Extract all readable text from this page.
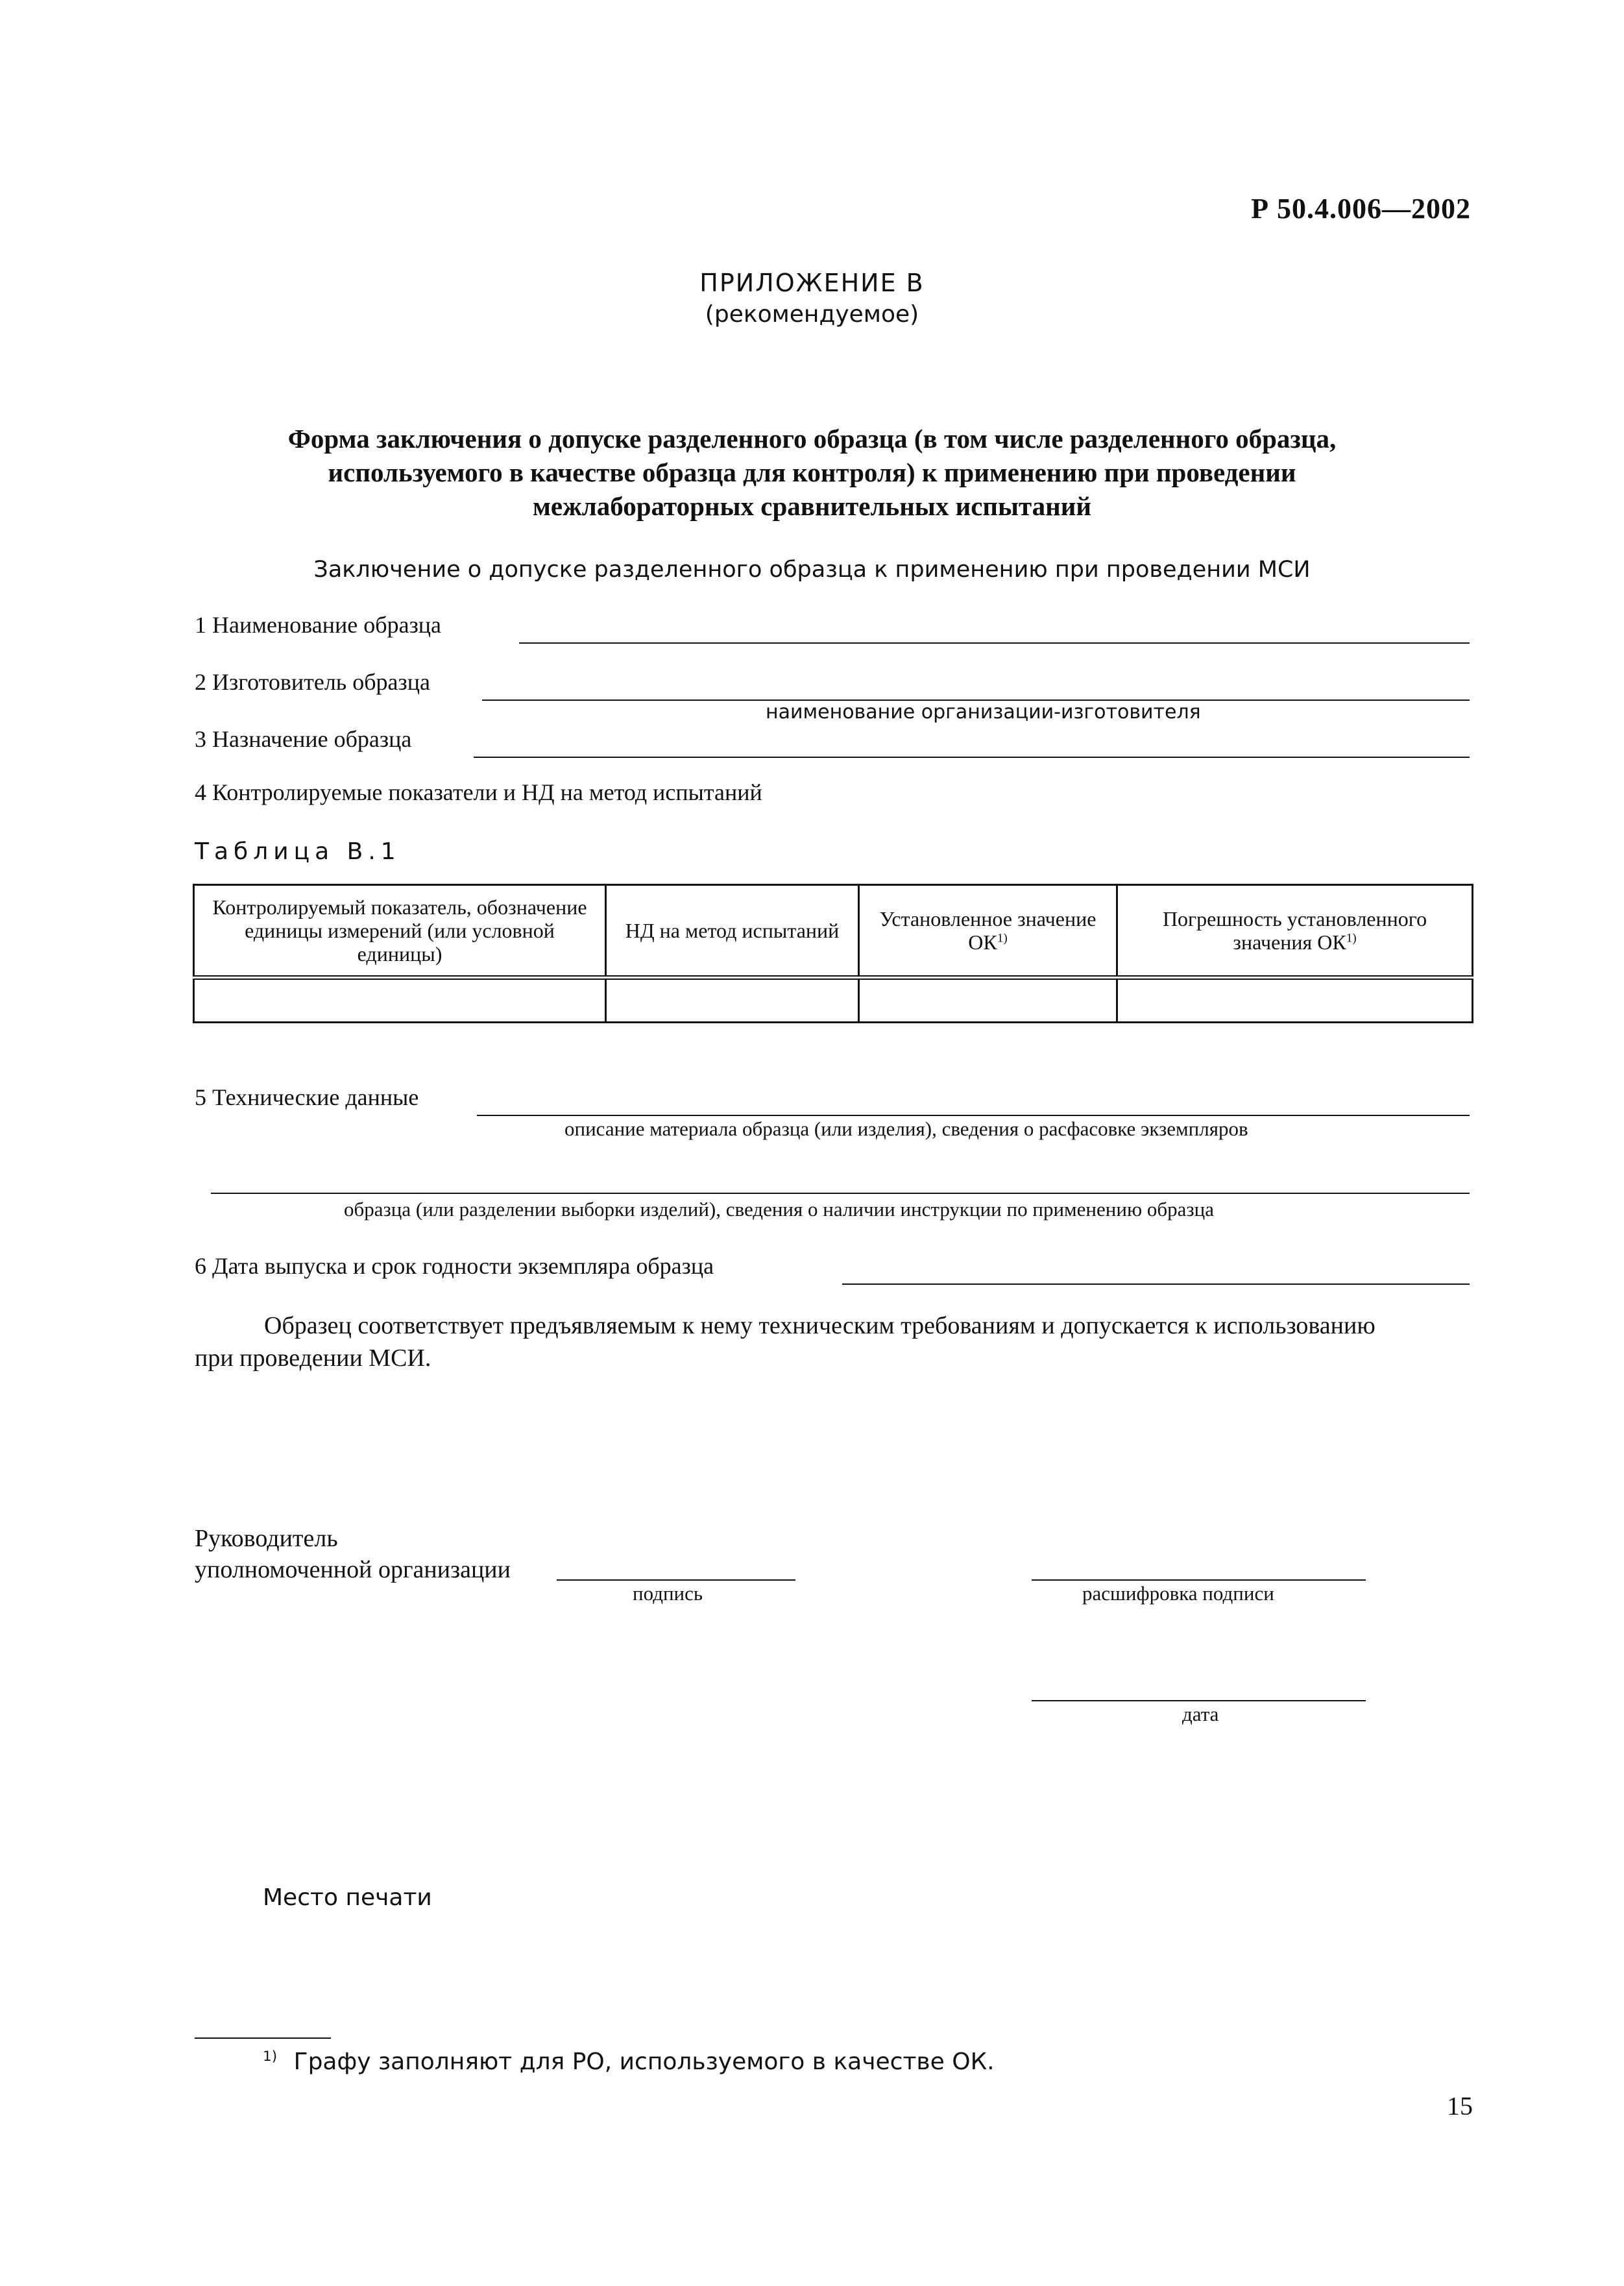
Р 50.4.006—2002
ПРИЛОЖЕНИЕ В
(рекомендуемое)
Форма заключения о допуске разделенного образца (в том числе разделенного образца,
используемого в качестве образца для контроля) к применению при проведении
межлабораторных сравнительных испытаний
Заключение о допуске разделенного образца к применению при проведении МСИ
1 Наименование образца
2 Изготовитель образца
наименование организации-изготовителя
3 Назначение образца
4 Контролируемые показатели и НД на метод испытаний
Таблица В.1
Контролируемый показатель, обозначение единицы измерений (или условной единицы)	НД на метод испытаний	Установленное значение ОК$^{1)}$	Погрешность установленного значения ОК$^{1)}$

5 Технические данные
описание материала образца (или изделия), сведения о расфасовке экземпляров
образца (или разделении выборки изделий), сведения о наличии инструкции по применению образца
6 Дата выпуска и срок годности экземпляра образца
Образец соответствует предъявляемым к нему техническим требованиям и допускается к использованию
при проведении МСИ.
Руководитель
уполномоченной организации
подпись	расшифровка подписи
дата
Место печати
$^{1)}$ Графу заполняют для РО, используемого в качестве ОК.
15
